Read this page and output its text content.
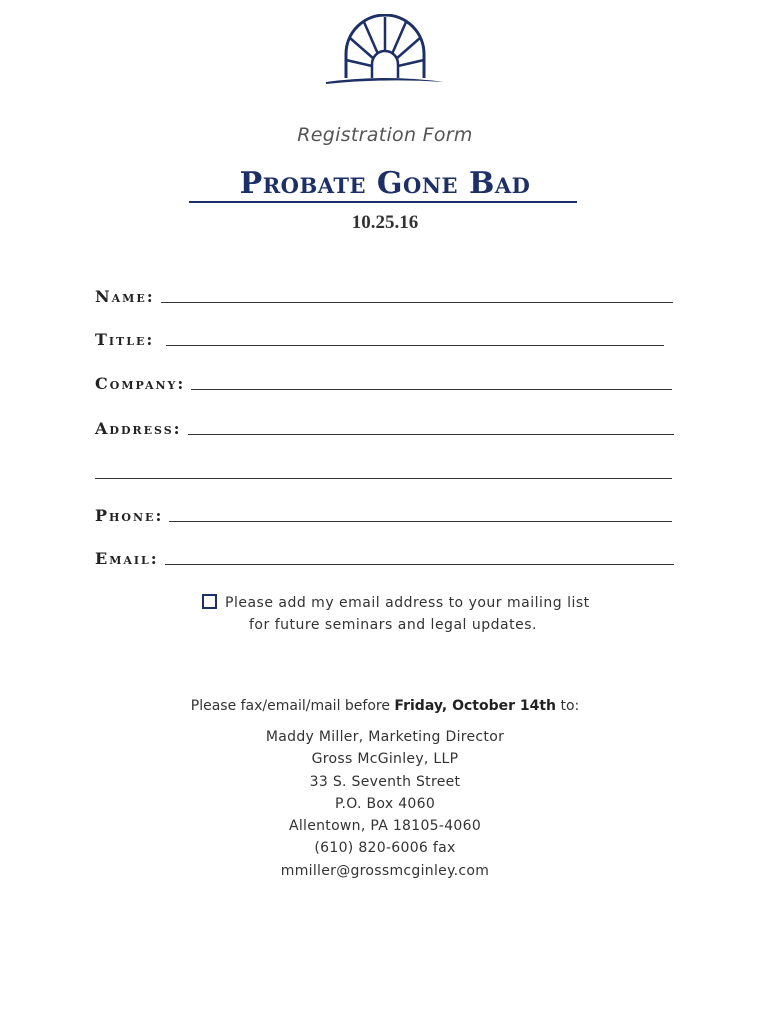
Registration Form
Probate Gone Bad
10.25.16
Name:
Title:
Company:
Address:
Phone:
Email:
Please add my email address to your mailing list
for future seminars and legal updates.
Please fax/email/mail before Friday, October 14th to:
Maddy Miller, Marketing Director
Gross McGinley, LLP
33 S. Seventh Street
P.O. Box 4060
Allentown, PA 18105-4060
(610) 820-6006 fax
mmiller@grossmcginley.com
